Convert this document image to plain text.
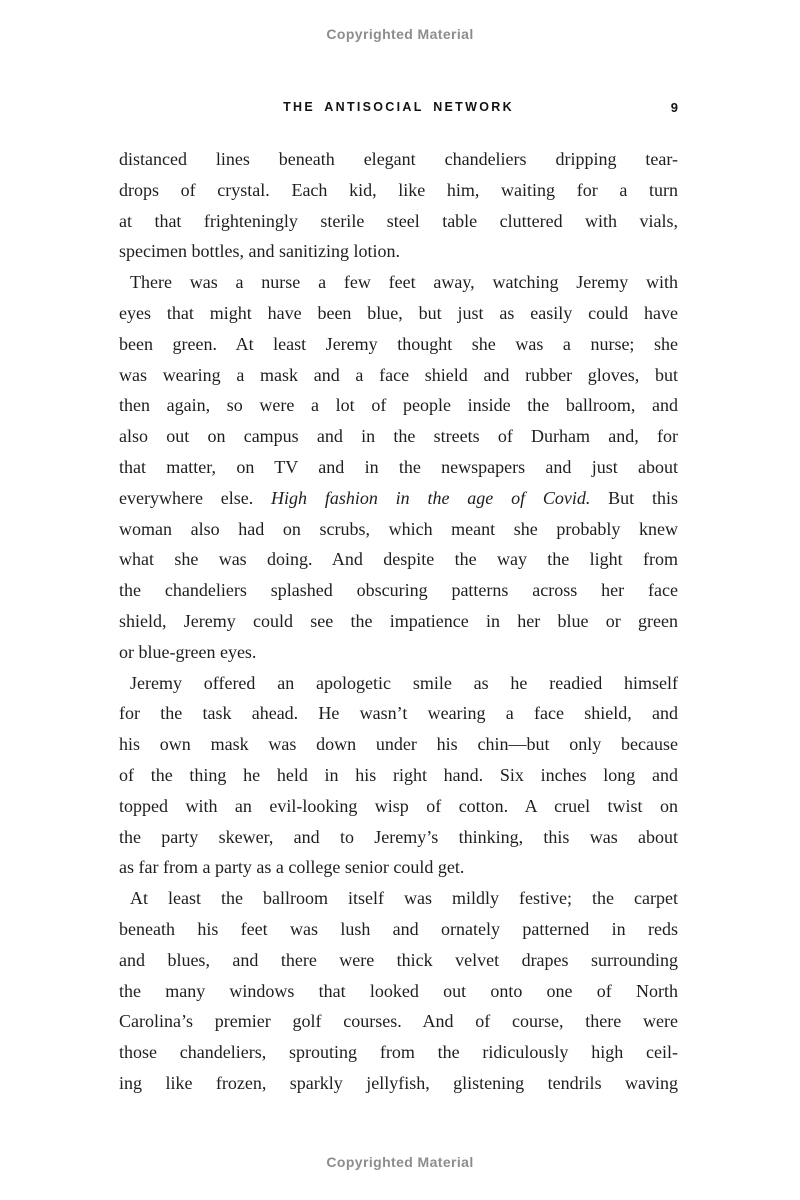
Copyrighted Material
THE ANTISOCIAL NETWORK	9
distanced lines beneath elegant chandeliers dripping tear-
drops of crystal. Each kid, like him, waiting for a turn
at that frighteningly sterile steel table cluttered with vials,
specimen bottles, and sanitizing lotion.
There was a nurse a few feet away, watching Jeremy with
eyes that might have been blue, but just as easily could have
been green. At least Jeremy thought she was a nurse; she
was wearing a mask and a face shield and rubber gloves, but
then again, so were a lot of people inside the ballroom, and
also out on campus and in the streets of Durham and, for
that matter, on TV and in the newspapers and just about
everywhere else. High fashion in the age of Covid. But this
woman also had on scrubs, which meant she probably knew
what she was doing. And despite the way the light from
the chandeliers splashed obscuring patterns across her face
shield, Jeremy could see the impatience in her blue or green
or blue-green eyes.
Jeremy offered an apologetic smile as he readied himself
for the task ahead. He wasn’t wearing a face shield, and
his own mask was down under his chin—but only because
of the thing he held in his right hand. Six inches long and
topped with an evil-looking wisp of cotton. A cruel twist on
the party skewer, and to Jeremy’s thinking, this was about
as far from a party as a college senior could get.
At least the ballroom itself was mildly festive; the carpet
beneath his feet was lush and ornately patterned in reds
and blues, and there were thick velvet drapes surrounding
the many windows that looked out onto one of North
Carolina’s premier golf courses. And of course, there were
those chandeliers, sprouting from the ridiculously high ceil-
ing like frozen, sparkly jellyfish, glistening tendrils waving
Copyrighted Material
